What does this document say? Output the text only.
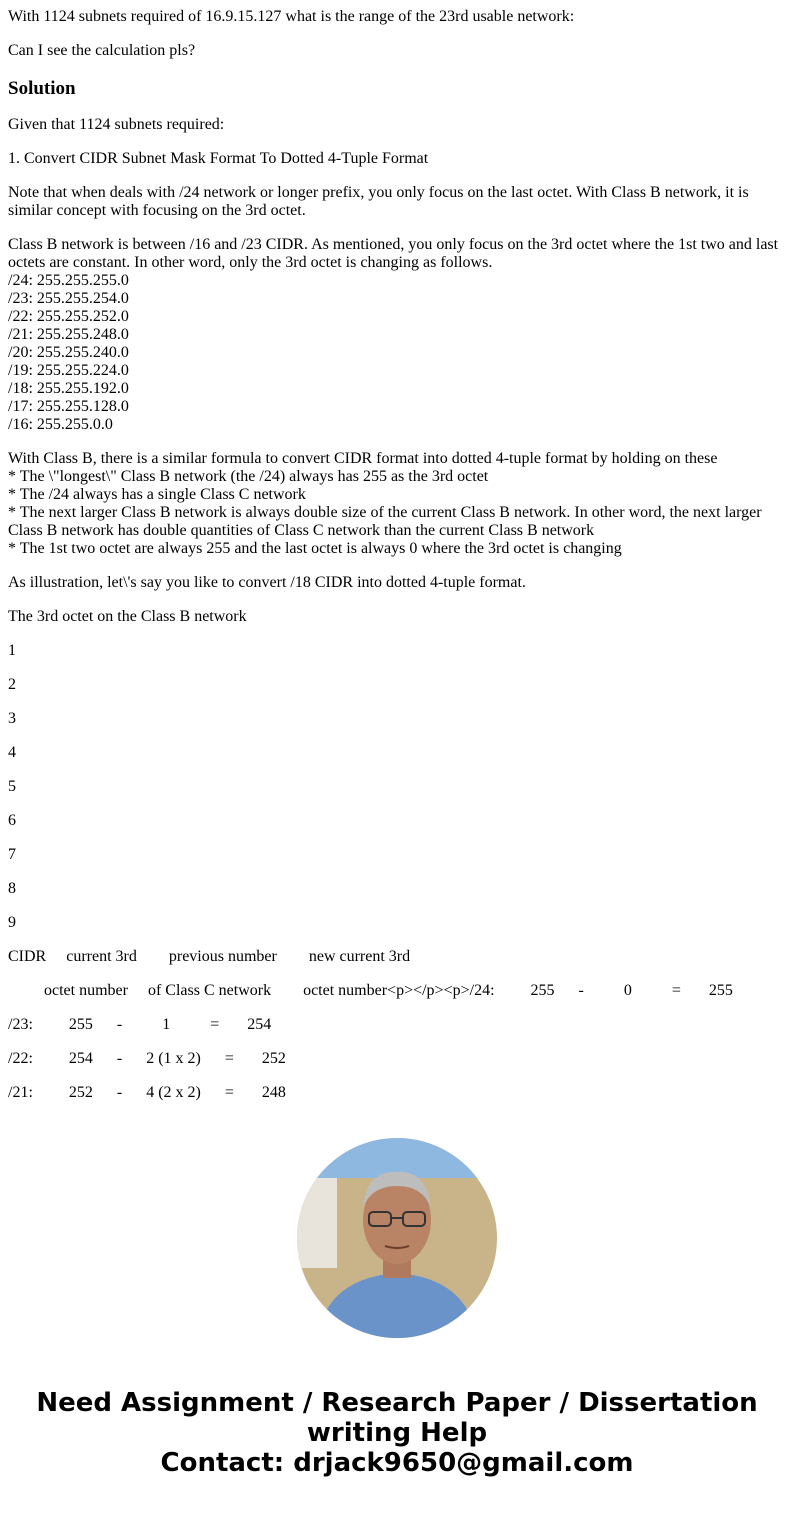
With 1124 subnets required of 16.9.15.127 what is the range of the 23rd usable network:

Can I see the calculation pls?

Solution

Given that 1124 subnets required:

1. Convert CIDR Subnet Mask Format To Dotted 4-Tuple Format

Note that when deals with /24 network or longer prefix, you only focus on the last octet. With Class B network, it is similar concept with focusing on the 3rd octet.

Class B network is between /16 and /23 CIDR. As mentioned, you only focus on the 3rd octet where the 1st two and last octets are constant. In other word, only the 3rd octet is changing as follows.
/24: 255.255.255.0
/23: 255.255.254.0
/22: 255.255.252.0
/21: 255.255.248.0
/20: 255.255.240.0
/19: 255.255.224.0
/18: 255.255.192.0
/17: 255.255.128.0
/16: 255.255.0.0

With Class B, there is a similar formula to convert CIDR format into dotted 4-tuple format by holding on these
* The \"longest\" Class B network (the /24) always has 255 as the 3rd octet
* The /24 always has a single Class C network
* The next larger Class B network is always double size of the current Class B network. In other word, the next larger Class B network has double quantities of Class C network than the current Class B network
* The 1st two octet are always 255 and the last octet is always 0 where the 3rd octet is changing

As illustration, let\'s say you like to convert /18 CIDR into dotted 4-tuple format.

The 3rd octet on the Class B network

1

2

3

4

5

6

7

8

9

CIDR     current 3rd        previous number        new current 3rd

octet number     of Class C network        octet number<p></p><p>/24:         255      -          0          =       255

/23:         255      -          1          =       254

/22:         254      -      2 (1 x 2)      =       252

/21:         252      -      4 (2 x 2)      =       248

Need Assignment / Research Paper / Dissertation writing Help
Contact: drjack9650@gmail.com
